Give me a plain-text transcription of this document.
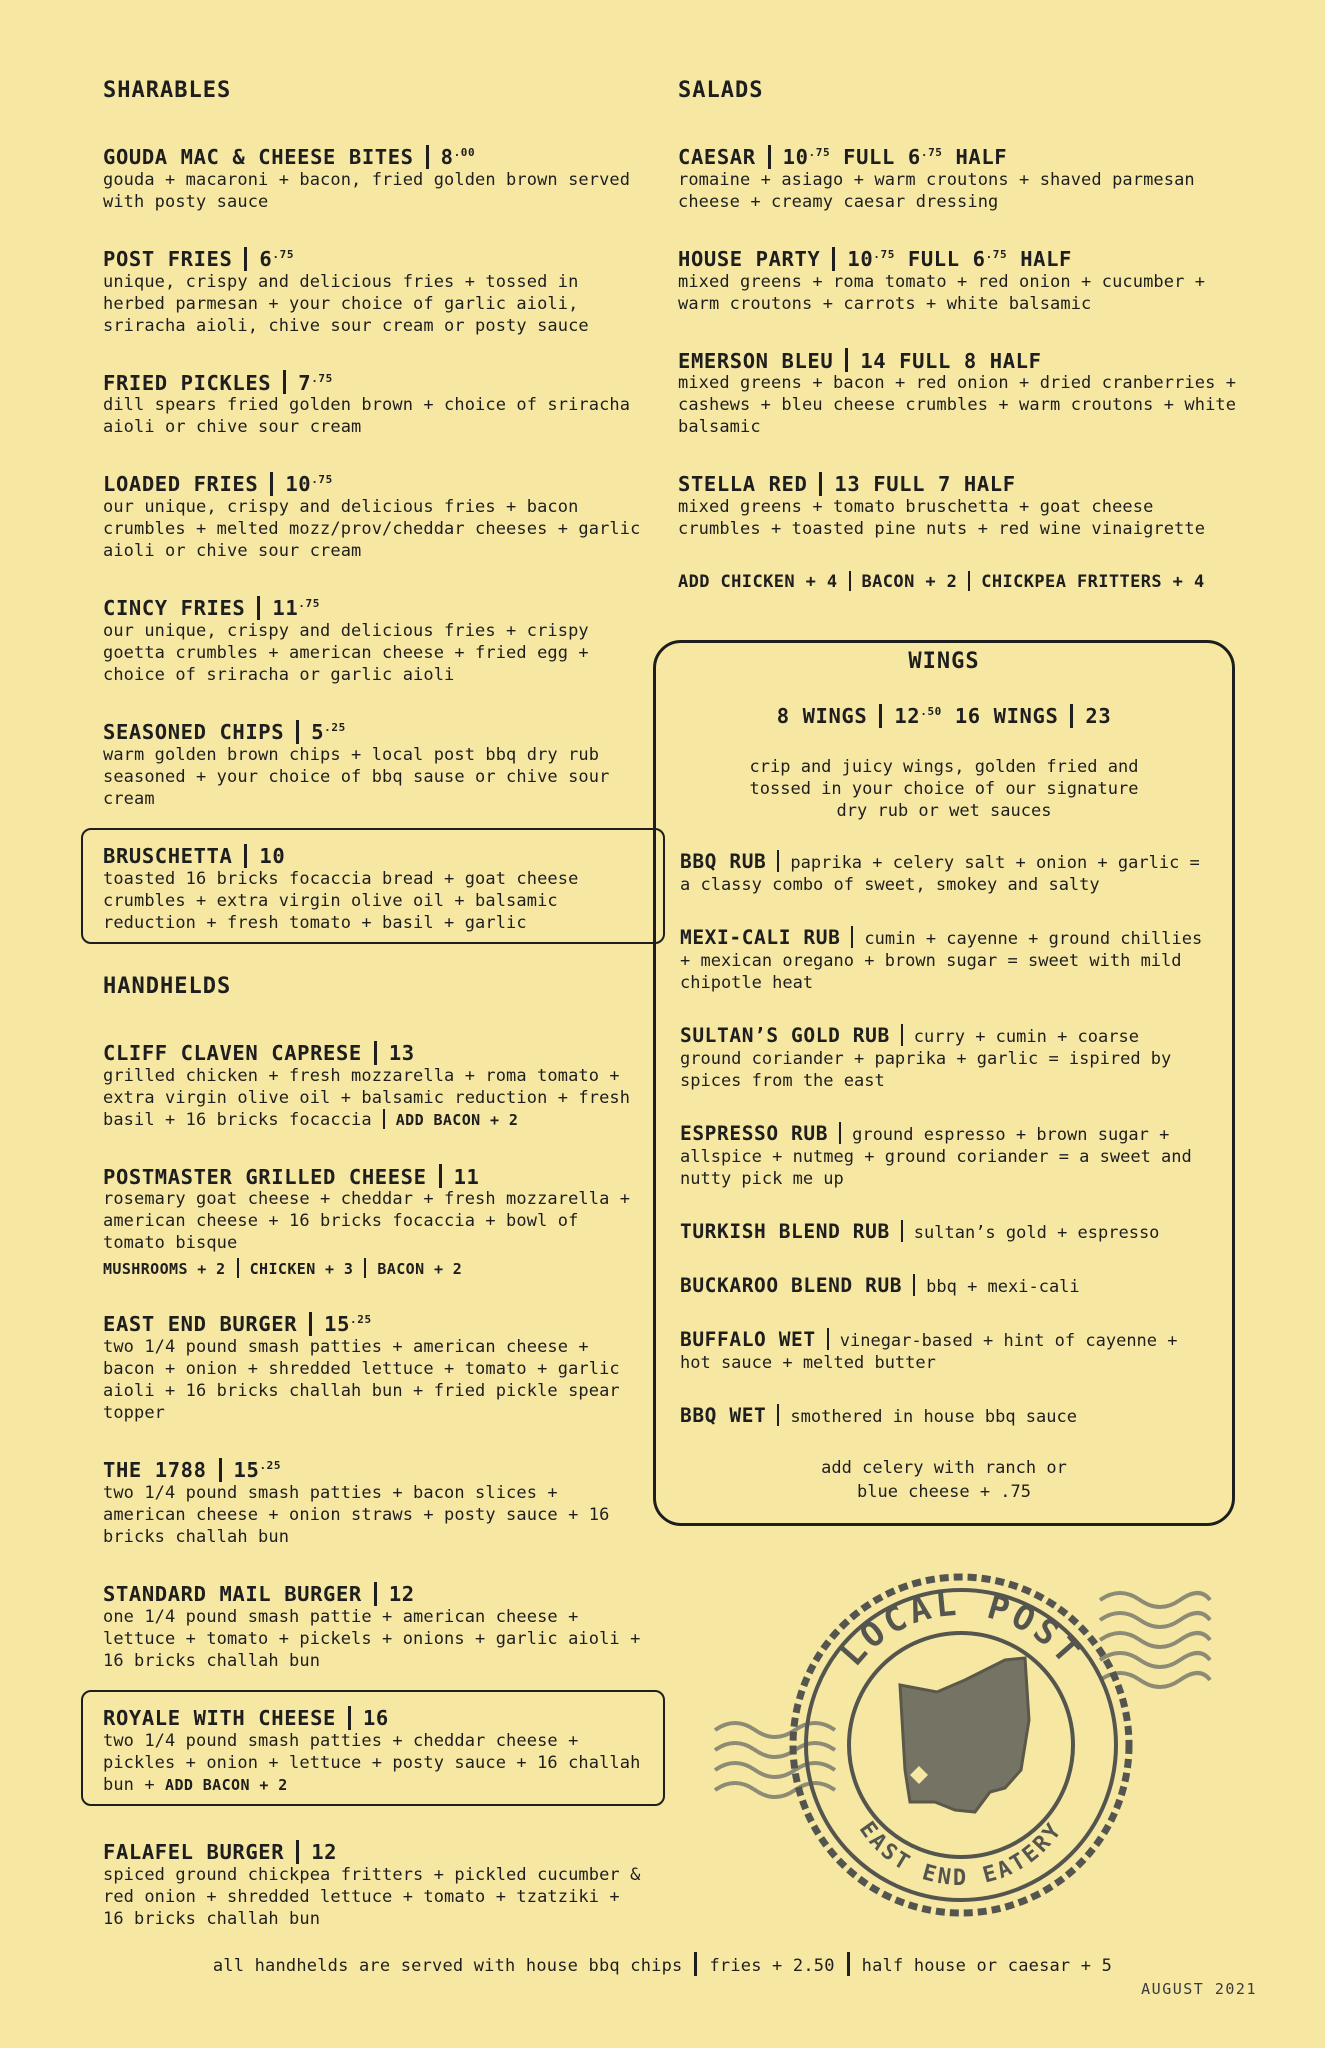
SHARABLES
GOUDA MAC & CHEESE BITES $8^{.00}$
gouda + macaroni + bacon, fried golden brown served with posty sauce
POST FRIES $6^{.75}$
unique, crispy and delicious fries + tossed in herbed parmesan + your choice of garlic aioli, sriracha aioli, chive sour cream or posty sauce
FRIED PICKLES $7^{.75}$
dill spears fried golden brown + choice of sriracha aioli or chive sour cream
LOADED FRIES $10^{.75}$
our unique, crispy and delicious fries + bacon crumbles + melted mozz/prov/cheddar cheeses + garlic aioli or chive sour cream
CINCY FRIES $11^{.75}$
our unique, crispy and delicious fries + crispy goetta crumbles + american cheese + fried egg + choice of sriracha or garlic aioli
SEASONED CHIPS $5^{.25}$
warm golden brown chips + local post bbq dry rub seasoned + your choice of bbq sause or chive sour cream
BRUSCHETTA 10
toasted 16 bricks focaccia bread + goat cheese crumbles + extra virgin olive oil + balsamic reduction + fresh tomato + basil + garlic
HANDHELDS
CLIFF CLAVEN CAPRESE 13
grilled chicken + fresh mozzarella + roma tomato + extra virgin olive oil + balsamic reduction + fresh basil + 16 bricks focaccia ADD BACON + 2
POSTMASTER GRILLED CHEESE 11
rosemary goat cheese + cheddar + fresh mozzarella + american cheese + 16 bricks focaccia + bowl of tomato bisque
MUSHROOMS + 2 CHICKEN + 3 BACON + 2
EAST END BURGER $15^{.25}$
two 1/4 pound smash patties + american cheese + bacon + onion + shredded lettuce + tomato + garlic aioli + 16 bricks challah bun + fried pickle spear topper
THE 1788 $15^{.25}$
two 1/4 pound smash patties + bacon slices + american cheese + onion straws + posty sauce + 16 bricks challah bun
STANDARD MAIL BURGER 12
one 1/4 pound smash pattie + american cheese + lettuce + tomato + pickels + onions + garlic aioli + 16 bricks challah bun
ROYALE WITH CHEESE 16
two 1/4 pound smash patties + cheddar cheese + pickles + onion + lettuce + posty sauce + 16 challah bun + ADD BACON + 2
FALAFEL BURGER 12
spiced ground chickpea fritters + pickled cucumber & red onion + shredded lettuce + tomato + tzatziki + 16 bricks challah bun
SALADS
CAESAR $10^{.75}$ FULL $6^{.75}$ HALF
romaine + asiago + warm croutons + shaved parmesan cheese + creamy caesar dressing
HOUSE PARTY $10^{.75}$ FULL $6^{.75}$ HALF
mixed greens + roma tomato + red onion + cucumber + warm croutons + carrots + white balsamic
EMERSON BLEU 14 FULL 8 HALF
mixed greens + bacon + red onion + dried cranberries + cashews + bleu cheese crumbles + warm croutons + white balsamic
STELLA RED 13 FULL 7 HALF
mixed greens + tomato bruschetta + goat cheese crumbles + toasted pine nuts + red wine vinaigrette
ADD CHICKEN + 4 BACON + 2 CHICKPEA FRITTERS + 4
WINGS
8 WINGS $12^{.50}$ 16 WINGS 23
crip and juicy wings, golden fried and tossed in your choice of our signature dry rub or wet sauces
BBQ RUB paprika + celery salt + onion + garlic = a classy combo of sweet, smokey and salty
MEXI-CALI RUB cumin + cayenne + ground chillies + mexican oregano + brown sugar = sweet with mild chipotle heat
SULTAN’S GOLD RUB curry + cumin + coarse ground coriander + paprika + garlic = ispired by spices from the east
ESPRESSO RUB ground espresso + brown sugar + allspice + nutmeg + ground coriander = a sweet and nutty pick me up
TURKISH BLEND RUB sultan’s gold + espresso
BUCKAROO BLEND RUB bbq + mexi-cali
BUFFALO WET vinegar-based + hint of cayenne + hot sauce + melted butter
BBQ WET smothered in house bbq sauce
add celery with ranch or blue cheese + .75
LOCAL POST
EAST END EATERY
all handhelds are served with house bbq chips fries + 2.50 half house or caesar + 5
AUGUST 2021
